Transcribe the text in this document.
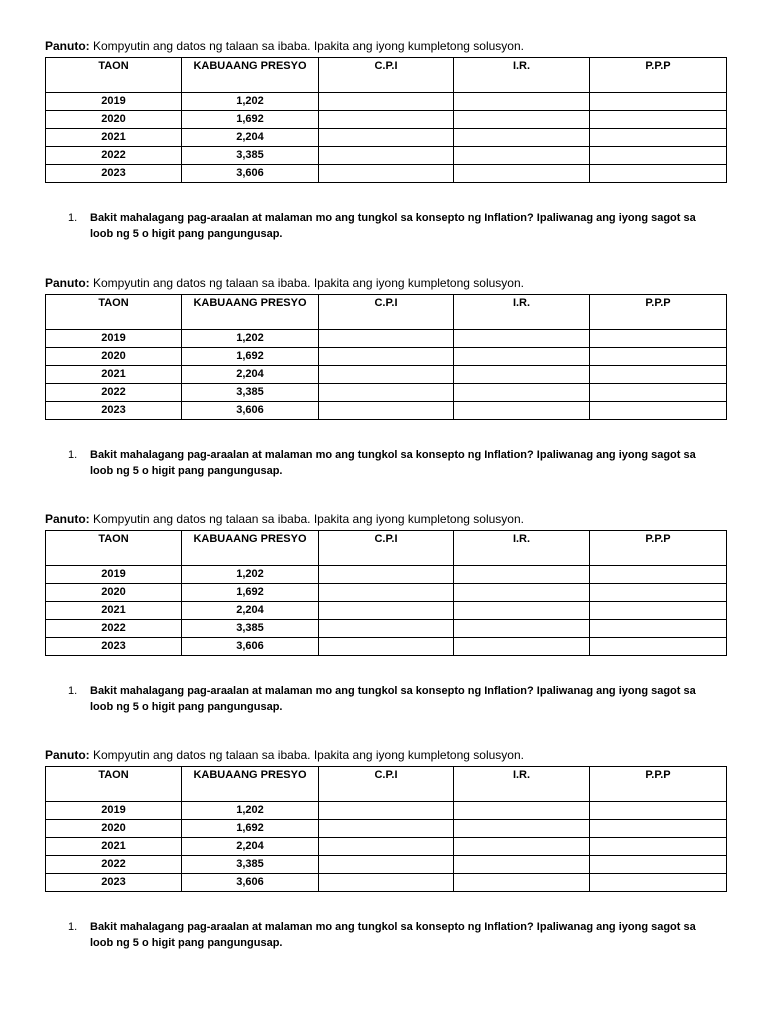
Panuto: Kompyutin ang datos ng talaan sa ibaba. Ipakita ang iyong kumpletong solusyon.
TAON	KABUAANG PRESYO	C.P.I	I.R.	P.P.P
2019	1,202			
2020	1,692			
2021	2,204			
2022	3,385			
2023	3,606			
1. Bakit mahalagang pag-araalan at malaman mo ang tungkol sa konsepto ng Inflation? Ipaliwanag ang iyong sagot sa loob ng 5 o higit pang pangungusap.
Panuto: Kompyutin ang datos ng talaan sa ibaba. Ipakita ang iyong kumpletong solusyon.
TAON	KABUAANG PRESYO	C.P.I	I.R.	P.P.P
2019	1,202			
2020	1,692			
2021	2,204			
2022	3,385			
2023	3,606			
1. Bakit mahalagang pag-araalan at malaman mo ang tungkol sa konsepto ng Inflation? Ipaliwanag ang iyong sagot sa loob ng 5 o higit pang pangungusap.
Panuto: Kompyutin ang datos ng talaan sa ibaba. Ipakita ang iyong kumpletong solusyon.
TAON	KABUAANG PRESYO	C.P.I	I.R.	P.P.P
2019	1,202			
2020	1,692			
2021	2,204			
2022	3,385			
2023	3,606			
1. Bakit mahalagang pag-araalan at malaman mo ang tungkol sa konsepto ng Inflation? Ipaliwanag ang iyong sagot sa loob ng 5 o higit pang pangungusap.
Panuto: Kompyutin ang datos ng talaan sa ibaba. Ipakita ang iyong kumpletong solusyon.
TAON	KABUAANG PRESYO	C.P.I	I.R.	P.P.P
2019	1,202			
2020	1,692			
2021	2,204			
2022	3,385			
2023	3,606			
1. Bakit mahalagang pag-araalan at malaman mo ang tungkol sa konsepto ng Inflation? Ipaliwanag ang iyong sagot sa loob ng 5 o higit pang pangungusap.
